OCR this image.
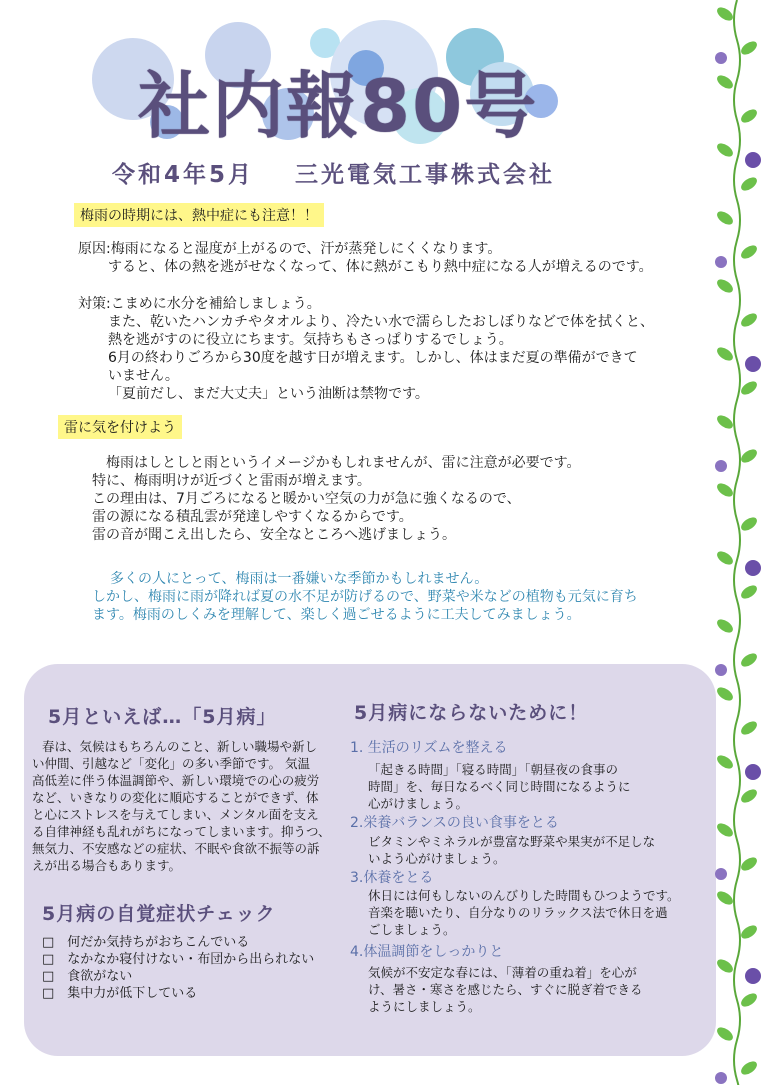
社内報80号
令和4年5月 三光電気工事株式会社
梅雨の時期には、熱中症にも注意！！

原因:梅雨になると湿度が上がるので、汗が蒸発しにくくなります。

すると、体の熱を逃がせなくなって、体に熱がこもり熱中症になる人が増えるのです。

対策:こまめに水分を補給しましょう。

また、乾いたハンカチやタオルより、冷たい水で濡らしたおしぼりなどで体を拭くと、

熱を逃がすのに役立にちます。気持ちもさっぱりするでしょう。

6月の終わりごろから30度を越す日が増えます。しかし、体はまだ夏の準備ができて

いません。

「夏前だし、まだ大丈夫」という油断は禁物です。

雷に気を付けよう

梅雨はしとしと雨というイメージかもしれませんが、雷に注意が必要です。

特に、梅雨明けが近づくと雷雨が増えます。

この理由は、7月ごろになると暖かい空気の力が急に強くなるので、

雷の源になる積乱雲が発達しやすくなるからです。

雷の音が聞こえ出したら、安全なところへ逃げましょう。

多くの人にとって、梅雨は一番嫌いな季節かもしれません。

しかし、梅雨に雨が降れば夏の水不足が防げるので、野菜や米などの植物も元気に育ち

ます。梅雨のしくみを理解して、楽しく過ごせるように工夫してみましょう。

5月といえば…「5月病」

春は、気候はもちろんのこと、新しい職場や新し

い仲間、引越など「変化」の多い季節です。 気温

高低差に伴う体温調節や、新しい環境での心の疲労

など、いきなりの変化に順応することができず、体

と心にストレスを与えてしまい、メンタル面を支え

る自律神経も乱れがちになってしまいます。抑うつ、

無気力、不安感などの症状、不眠や食欲不振等の訴

えが出る場合もあります。

5月病の自覚症状チェック

□　何だか気持ちがおちこんでいる

□　なかなか寝付けない・布団から出られない

□　食欲がない

□　集中力が低下している

5月病にならないために！
1. 生活のリズムを整える

「起きる時間」「寝る時間」「朝昼夜の食事の

時間」を、毎日なるべく同じ時間になるように

心がけましょう。

2.栄養バランスの良い食事をとる

ビタミンやミネラルが豊富な野菜や果実が不足しな

いよう心がけましょう。

3.休養をとる

休日には何もしないのんびりした時間もひつようです。

音楽を聴いたり、自分なりのリラックス法で休日を過

ごしましょう。

4.体温調節をしっかりと

気候が不安定な春には、「薄着の重ね着」を心が

け、暑さ・寒さを感じたら、すぐに脱ぎ着できる

ようにしましょう。
